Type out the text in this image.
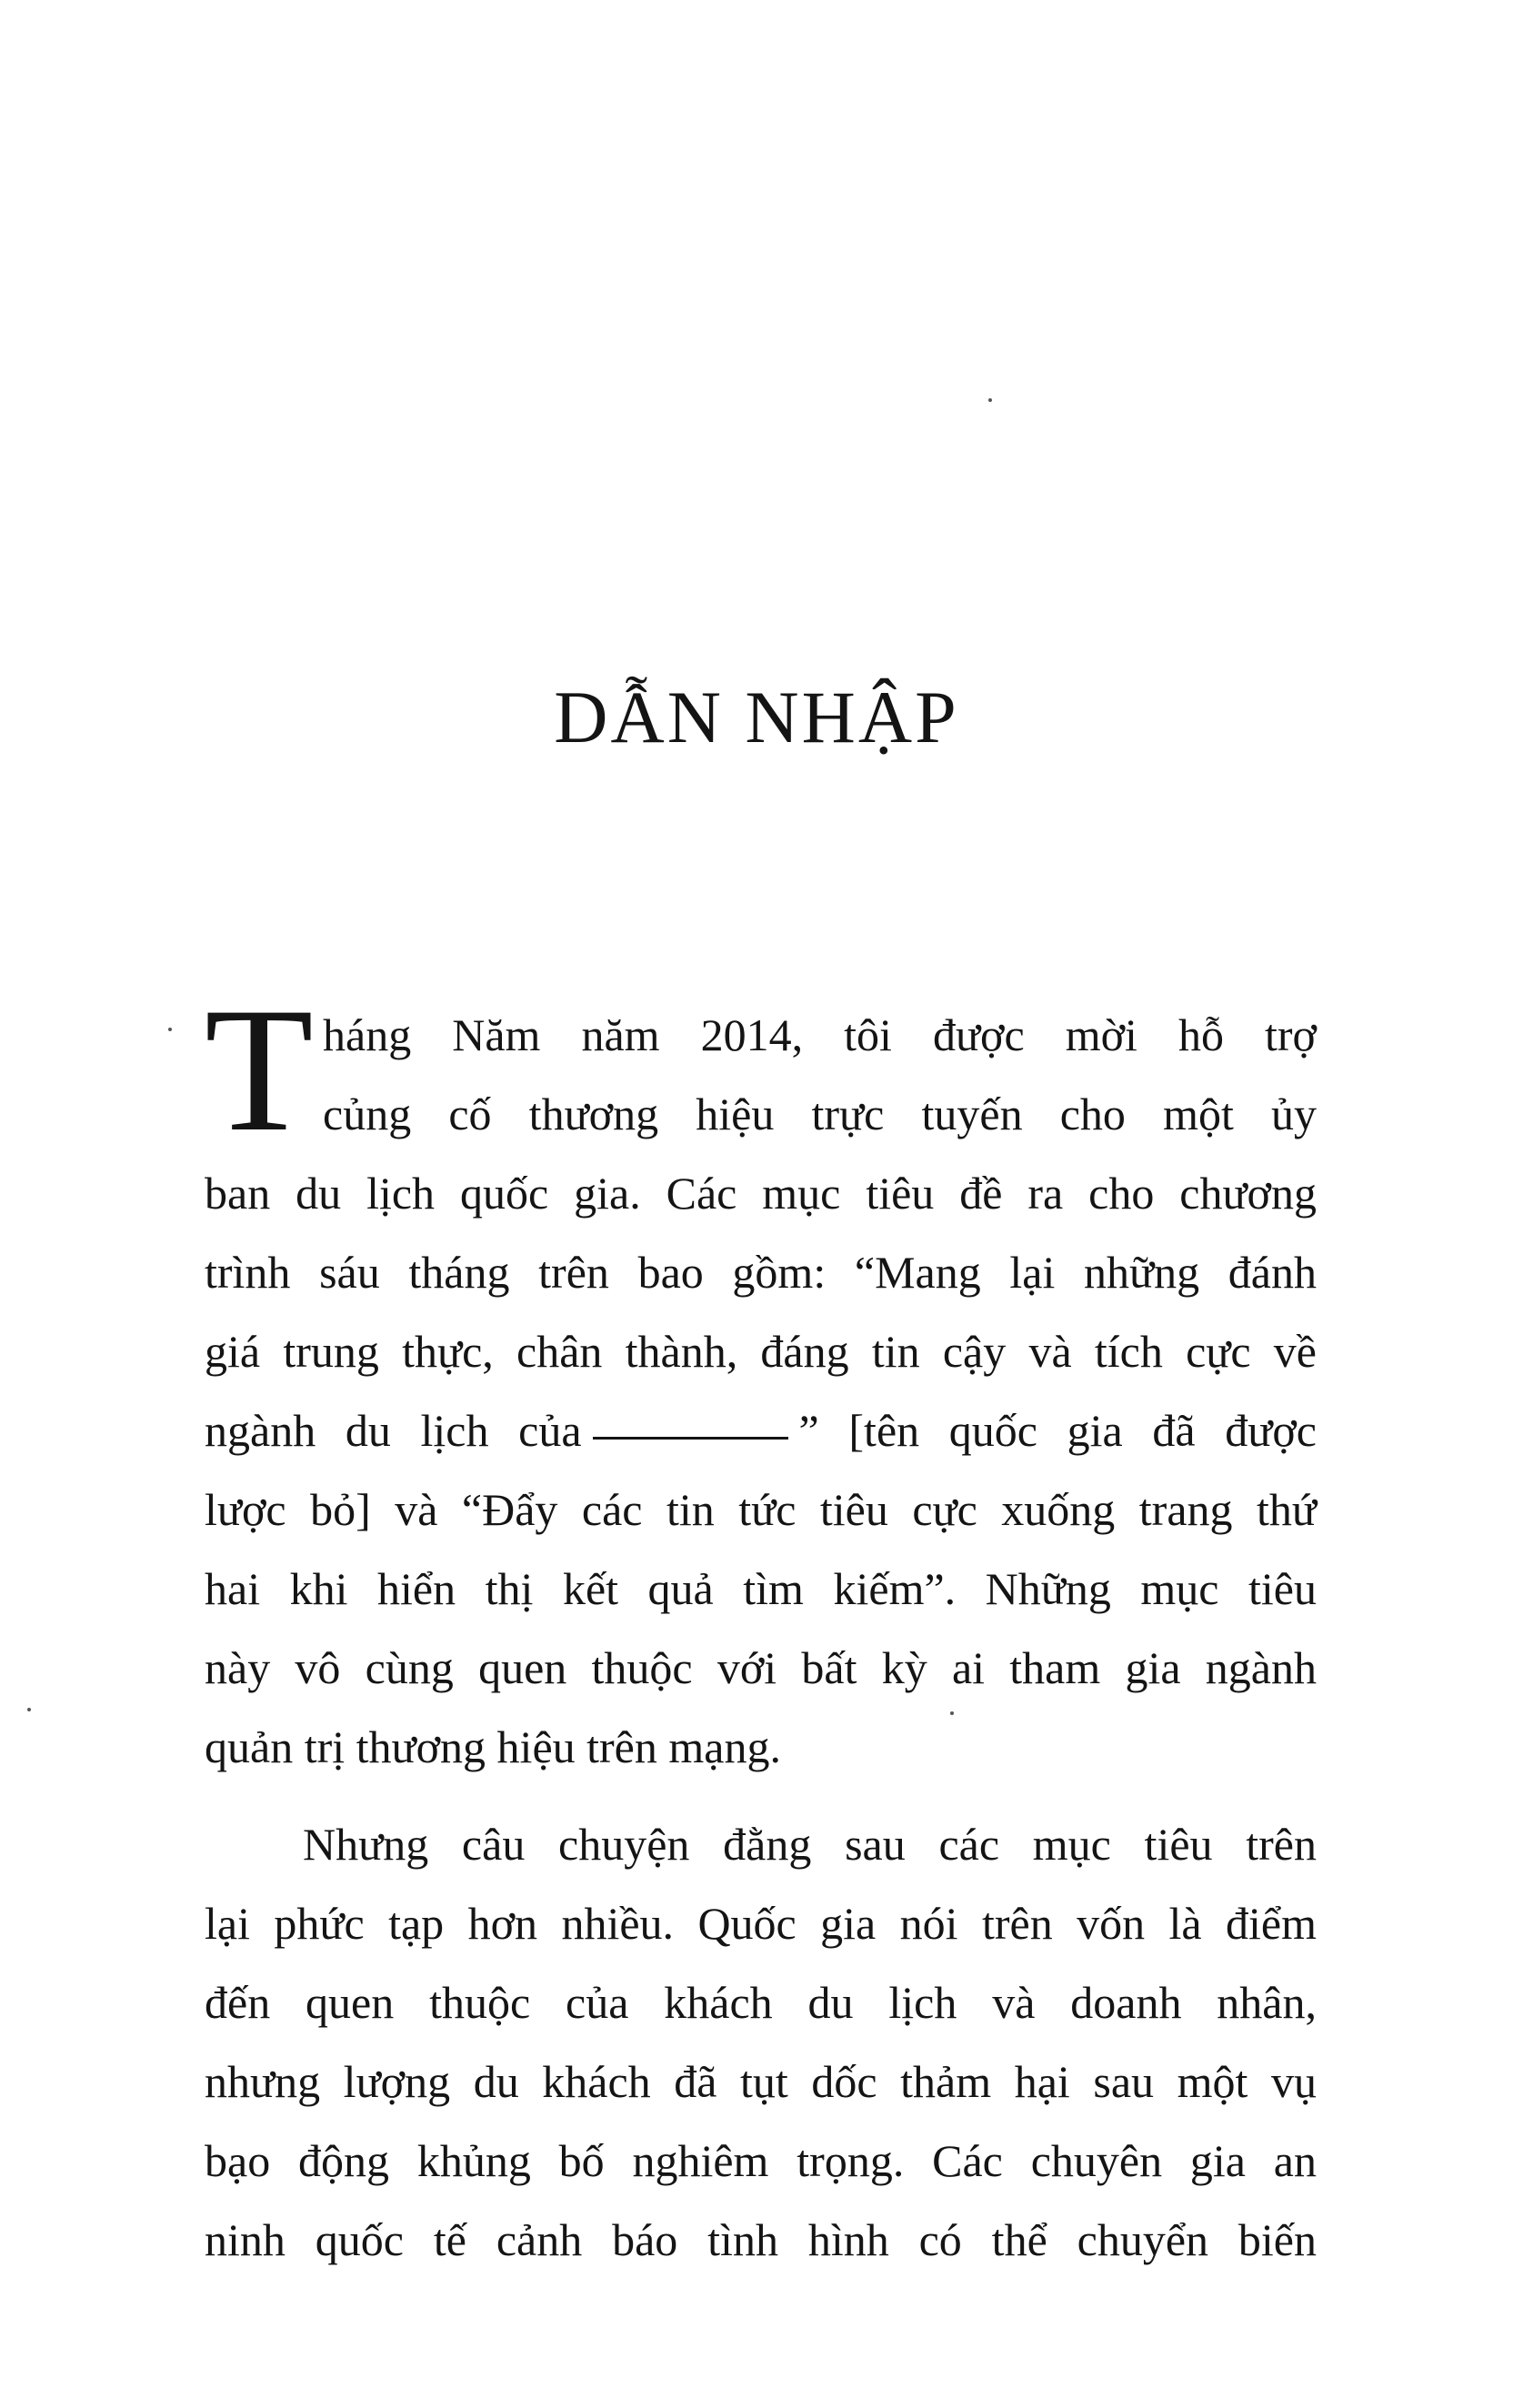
DẪN NHẬP
T háng Năm năm 2014, tôi được mời hỗ trợ
củng cố thương hiệu trực tuyến cho một ủy
ban du lịch quốc gia. Các mục tiêu đề ra cho chương
trình sáu tháng trên bao gồm: “Mang lại những đánh
giá trung thực, chân thành, đáng tin cậy và tích cực về
ngành du lịch của	” [tên quốc gia đã được
lược bỏ] và “Đẩy các tin tức tiêu cực xuống trang thứ
hai khi hiển thị kết quả tìm kiếm”. Những mục tiêu
này vô cùng quen thuộc với bất kỳ ai tham gia ngành
quản trị thương hiệu trên mạng.
Nhưng câu chuyện đằng sau các mục tiêu trên
lại phức tạp hơn nhiều. Quốc gia nói trên vốn là điểm
đến quen thuộc của khách du lịch và doanh nhân,
nhưng lượng du khách đã tụt dốc thảm hại sau một vụ
bạo động khủng bố nghiêm trọng. Các chuyên gia an
ninh quốc tế cảnh báo tình hình có thể chuyển biến
